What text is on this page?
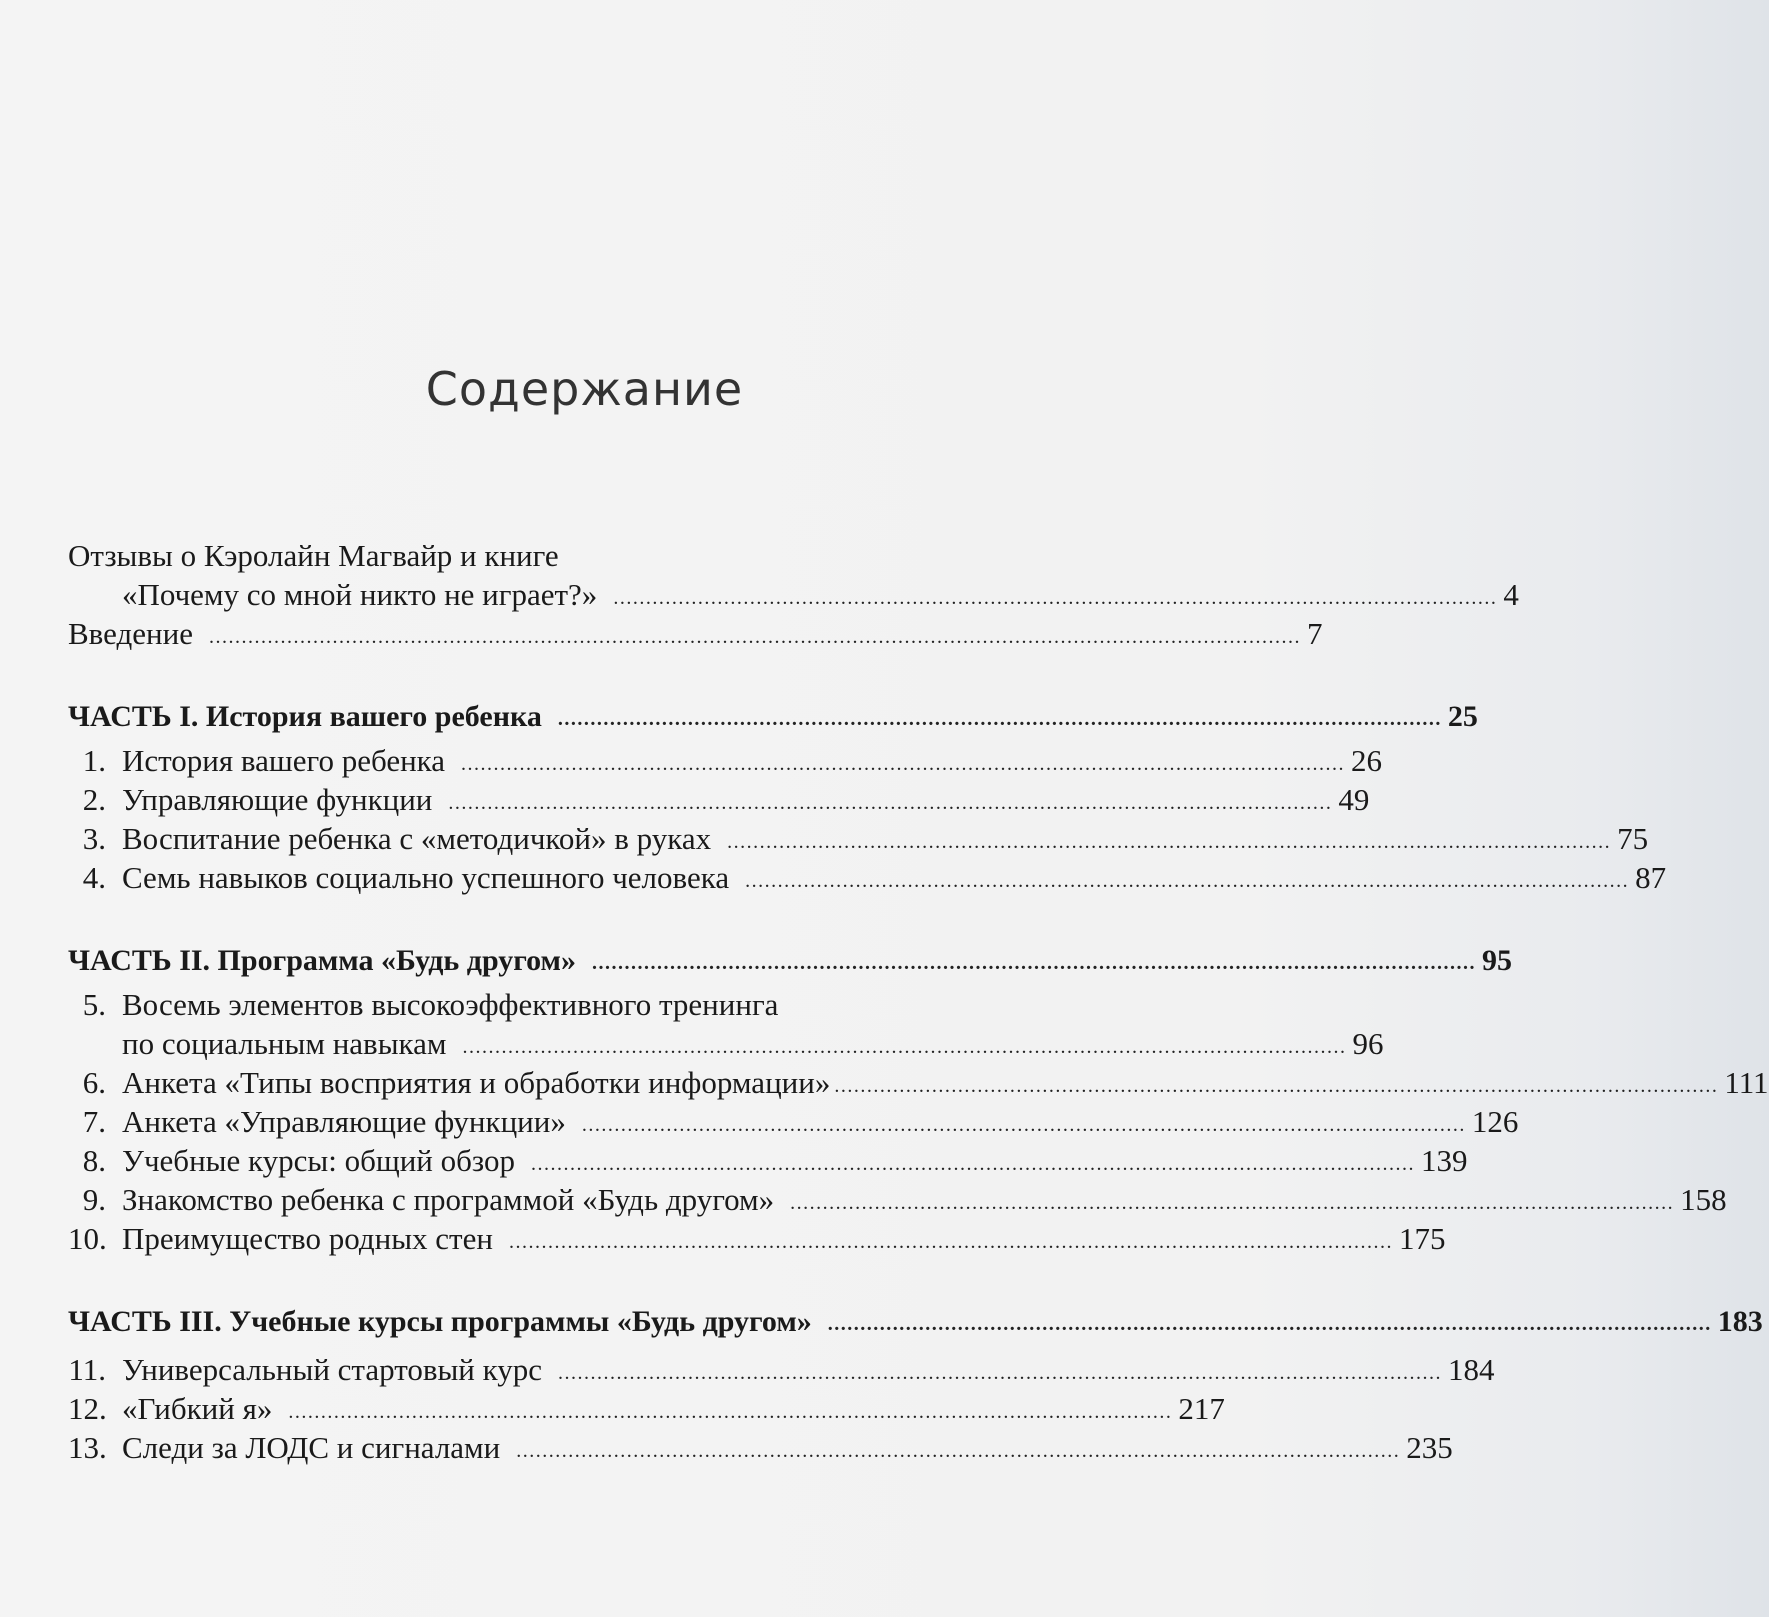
Содержание
Отзывы о Кэролайн Магвайр и книге
«Почему со мной никто не играет?» ........................................................................................................................................ 4
Введение ........................................................................................................................................................................ 7
ЧАСТЬ I. История вашего ребенка ........................................................................................................................................ 25
1. История вашего ребенка ........................................................................................................................................ 26
2. Управляющие функции ........................................................................................................................................ 49
3. Воспитание ребенка с «методичкой» в руках ........................................................................................................................................ 75
4. Семь навыков социально успешного человека ........................................................................................................................................ 87
ЧАСТЬ II. Программа «Будь другом» ........................................................................................................................................ 95
5. Восемь элементов высокоэффективного тренинга
по социальным навыкам ........................................................................................................................................ 96
6. Анкета «Типы восприятия и обработки информации» ........................................................................................................................................ 111
7. Анкета «Управляющие функции» ........................................................................................................................................ 126
8. Учебные курсы: общий обзор ........................................................................................................................................ 139
9. Знакомство ребенка с программой «Будь другом» ........................................................................................................................................ 158
10. Преимущество родных стен ........................................................................................................................................ 175
ЧАСТЬ III. Учебные курсы программы «Будь другом» ........................................................................................................................................ 183
11. Универсальный стартовый курс ........................................................................................................................................ 184
12. «Гибкий я» ........................................................................................................................................ 217
13. Следи за ЛОДС и сигналами ........................................................................................................................................ 235
